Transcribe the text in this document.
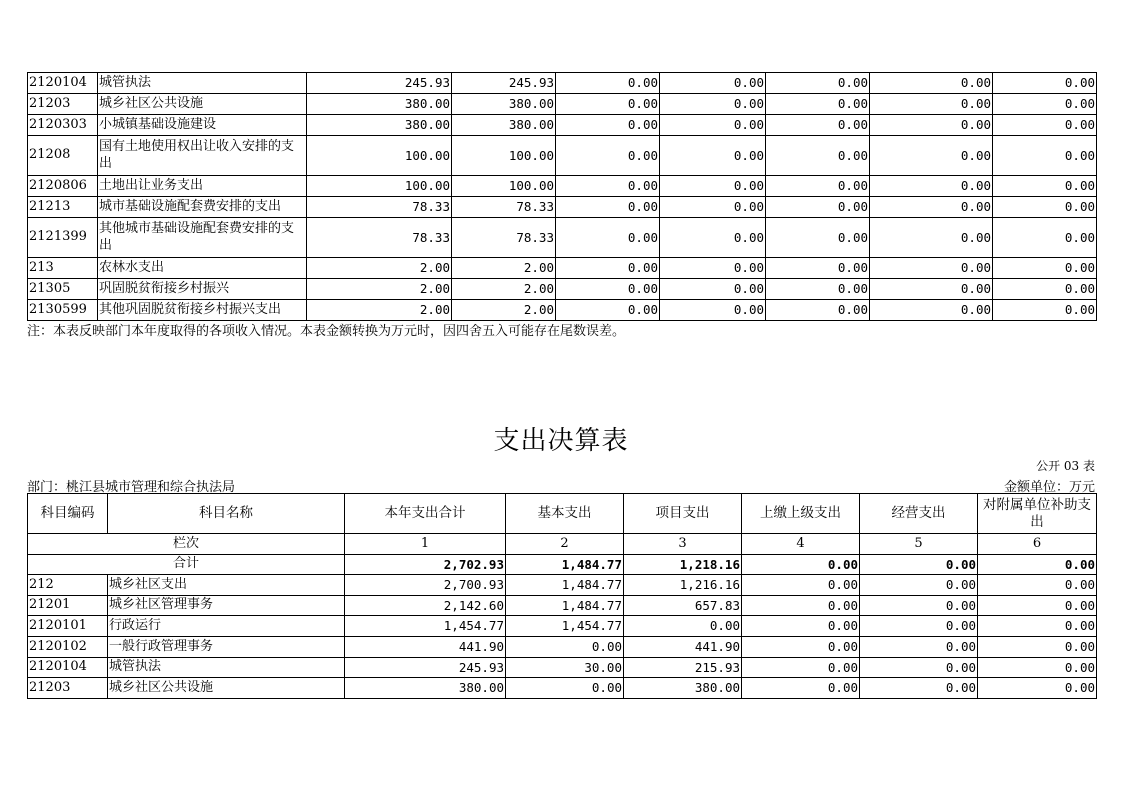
2120104	城管执法	245.93	245.93	0.00	0.00	0.00	0.00	0.00
21203	城乡社区公共设施	380.00	380.00	0.00	0.00	0.00	0.00	0.00
2120303	小城镇基础设施建设	380.00	380.00	0.00	0.00	0.00	0.00	0.00
21208	国有土地使用权出让收入安排的支出	100.00	100.00	0.00	0.00	0.00	0.00	0.00
2120806	土地出让业务支出	100.00	100.00	0.00	0.00	0.00	0.00	0.00
21213	城市基础设施配套费安排的支出	78.33	78.33	0.00	0.00	0.00	0.00	0.00
2121399	其他城市基础设施配套费安排的支出	78.33	78.33	0.00	0.00	0.00	0.00	0.00
213	农林水支出	2.00	2.00	0.00	0.00	0.00	0.00	0.00
21305	巩固脱贫衔接乡村振兴	2.00	2.00	0.00	0.00	0.00	0.00	0.00
2130599	其他巩固脱贫衔接乡村振兴支出	2.00	2.00	0.00	0.00	0.00	0.00	0.00
注：本表反映部门本年度取得的各项收入情况。本表金额转换为万元时，因四舍五入可能存在尾数误差。
支出决算表
公开 03 表
部门：桃江县城市管理和综合执法局	金额单位：万元
科目编码	科目名称	本年支出合计	基本支出	项目支出	上缴上级支出	经营支出	对附属单位补助支出
栏次		1	2	3	4	5	6
合计		2,702.93	1,484.77	1,218.16	0.00	0.00	0.00
212	城乡社区支出	2,700.93	1,484.77	1,216.16	0.00	0.00	0.00
21201	城乡社区管理事务	2,142.60	1,484.77	657.83	0.00	0.00	0.00
2120101	行政运行	1,454.77	1,454.77	0.00	0.00	0.00	0.00
2120102	一般行政管理事务	441.90	0.00	441.90	0.00	0.00	0.00
2120104	城管执法	245.93	30.00	215.93	0.00	0.00	0.00
21203	城乡社区公共设施	380.00	0.00	380.00	0.00	0.00	0.00
